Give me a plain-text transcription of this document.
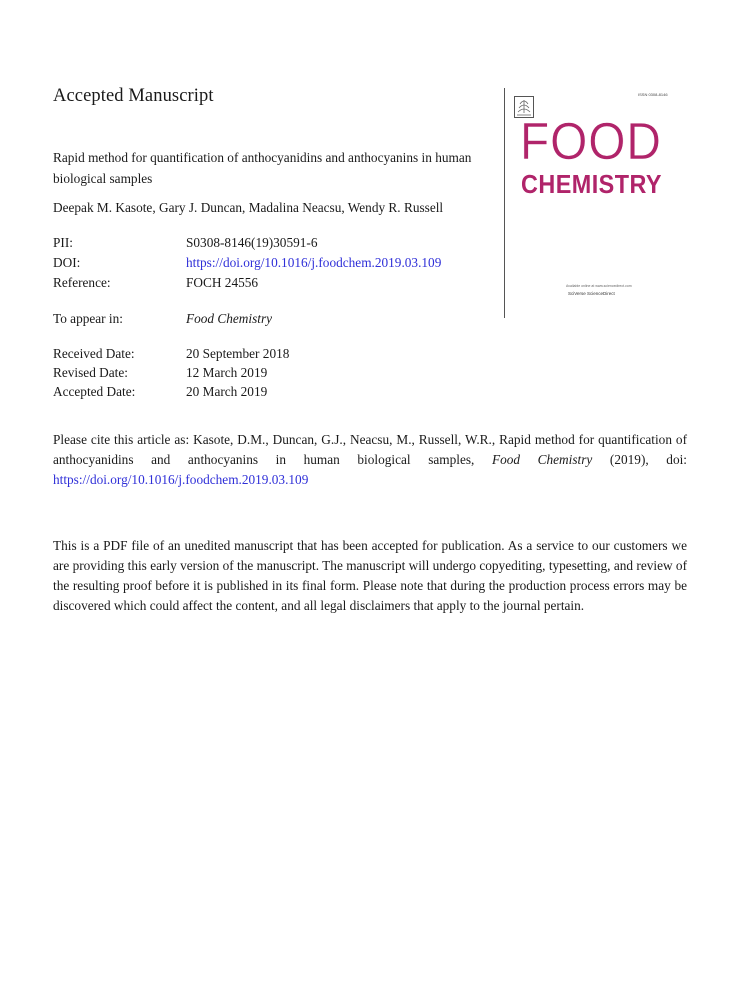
Accepted Manuscript
Rapid method for quantification of anthocyanidins and anthocyanins in human biological samples
Deepak M. Kasote, Gary J. Duncan, Madalina Neacsu, Wendy R. Russell
PII:	S0308-8146(19)30591-6
DOI:	https://doi.org/10.1016/j.foodchem.2019.03.109
Reference:	FOCH 24556
To appear in:	Food Chemistry
Received Date:	20 September 2018
Revised Date:	12 March 2019
Accepted Date:	20 March 2019
ISSN 0308-8146
FOOD
CHEMISTRY
Available online at www.sciencedirect.com
SciVerse ScienceDirect
Please cite this article as: Kasote, D.M., Duncan, G.J., Neacsu, M., Russell, W.R., Rapid method for quantification of anthocyanidins and anthocyanins in human biological samples, Food Chemistry (2019), doi: https://doi.org/10.1016/j.foodchem.2019.03.109
This is a PDF file of an unedited manuscript that has been accepted for publication. As a service to our customers we are providing this early version of the manuscript. The manuscript will undergo copyediting, typesetting, and review of the resulting proof before it is published in its final form. Please note that during the production process errors may be discovered which could affect the content, and all legal disclaimers that apply to the journal pertain.
